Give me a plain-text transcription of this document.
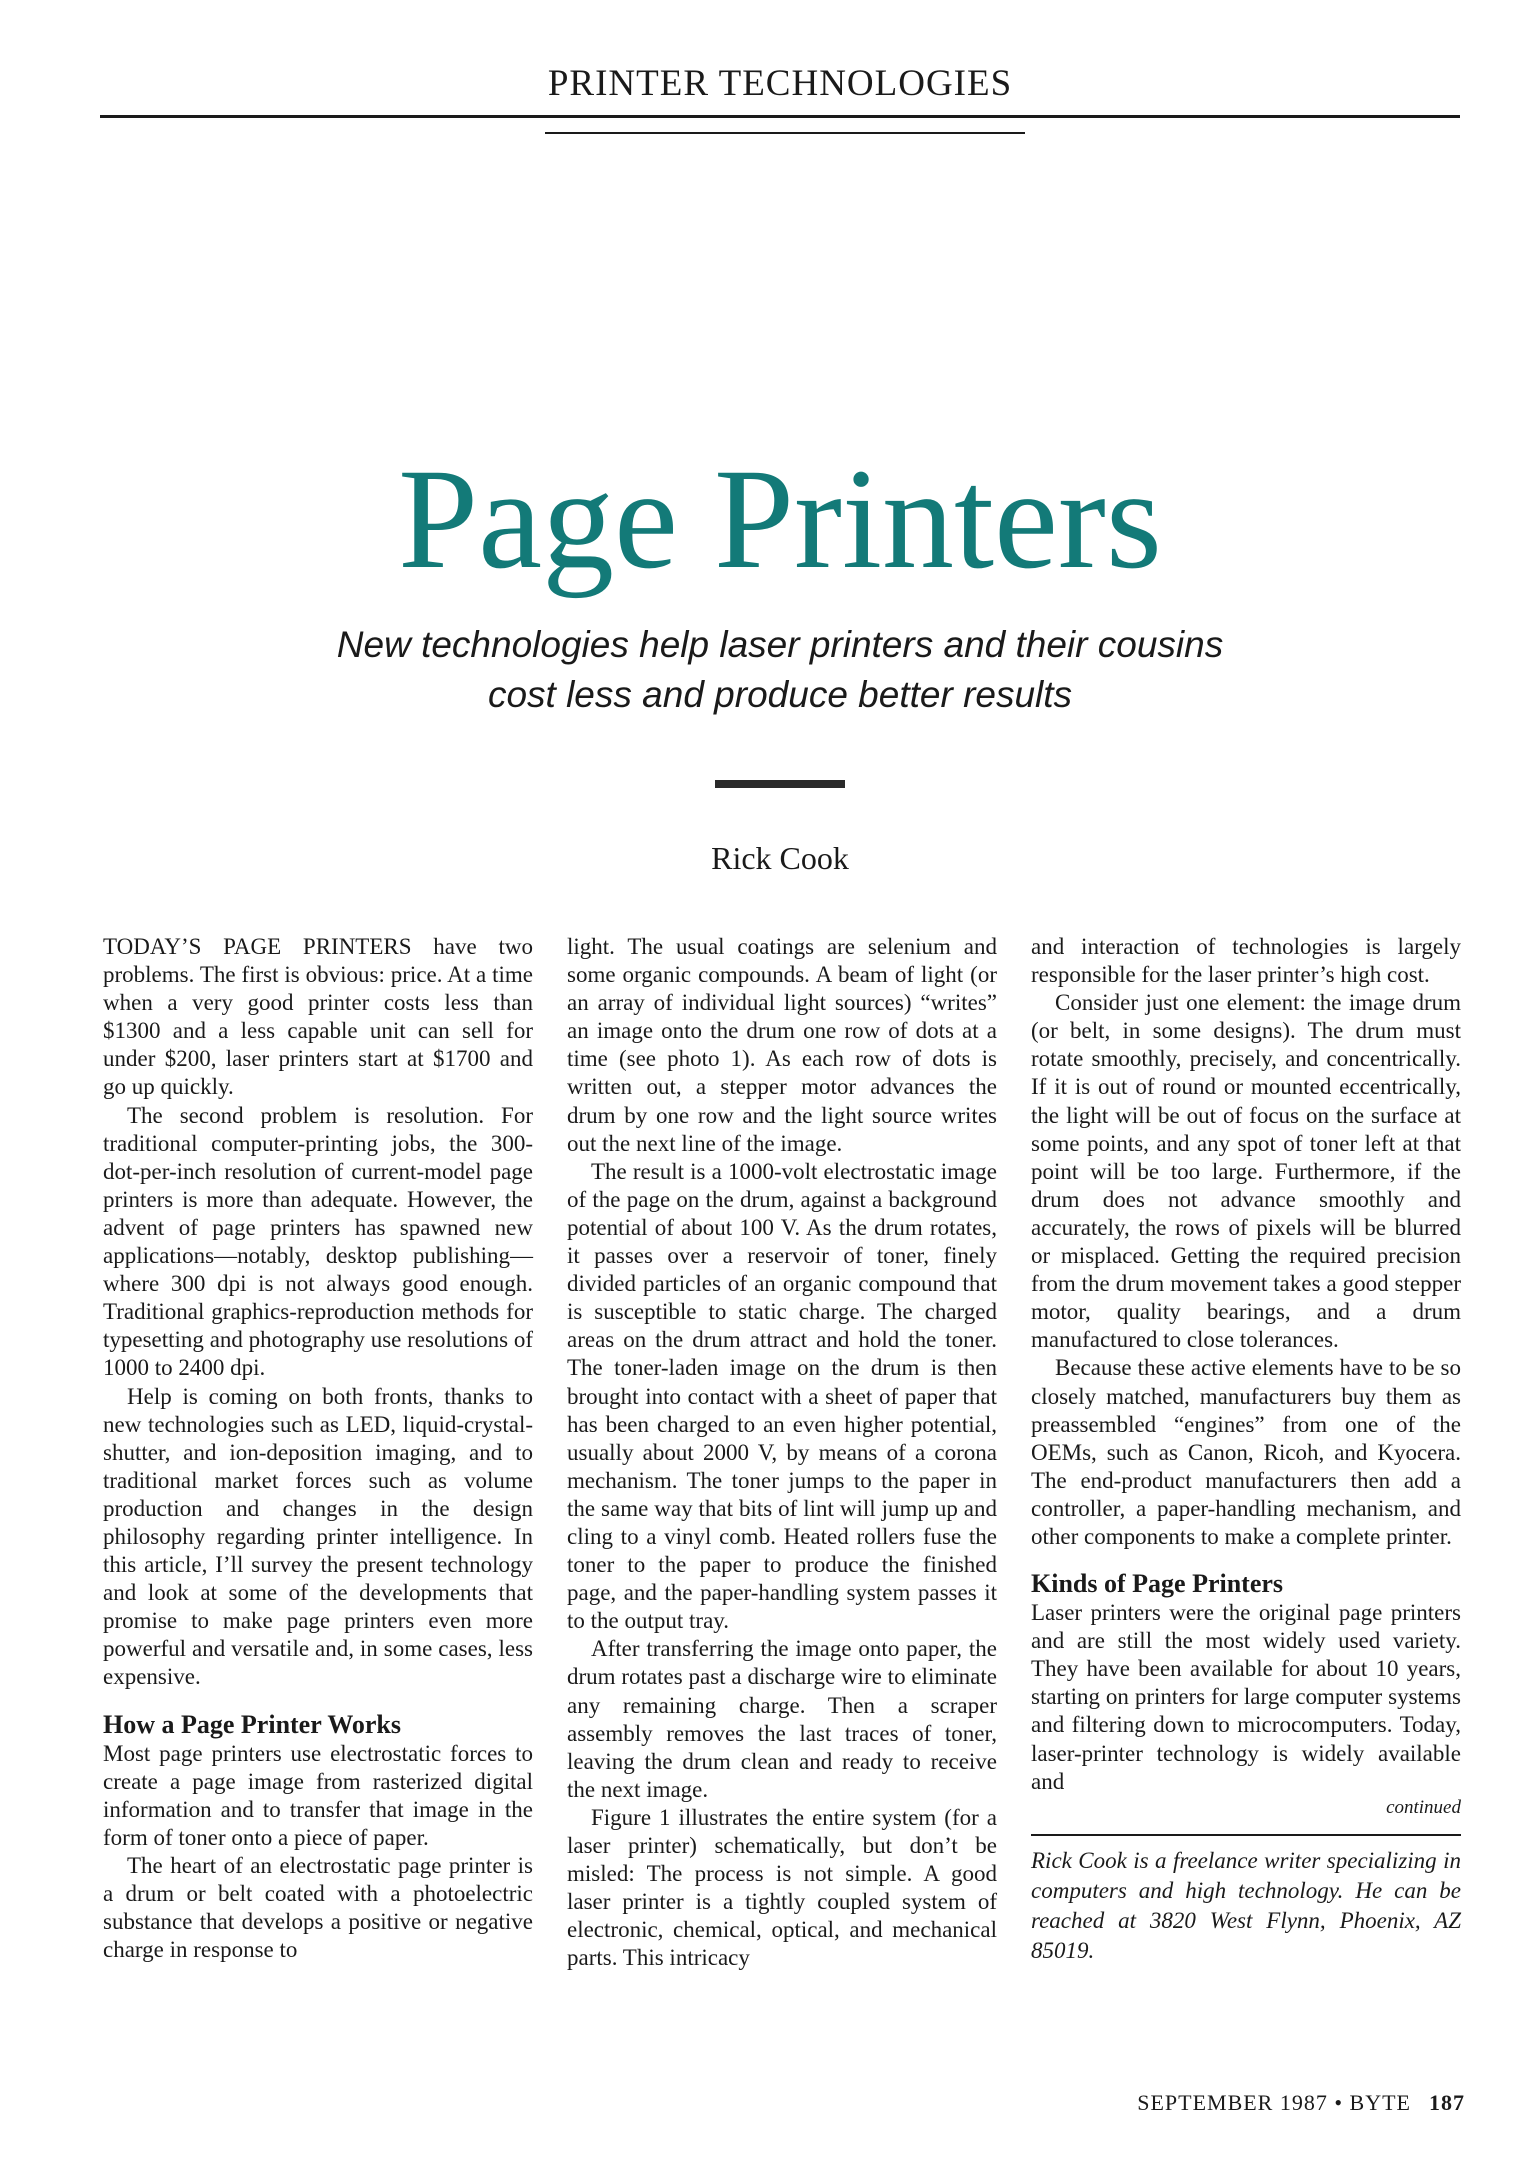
PRINTER TECHNOLOGIES
Page Printers
New technologies help laser printers and their cousins
cost less and produce better results
Rick Cook

TODAY’S PAGE PRINTERS have two problems. The first is obvious: price. At a time when a very good printer costs less than $1300 and a less capable unit can sell for under $200, laser printers start at $1700 and go up quickly.

The second problem is resolution. For traditional computer-printing jobs, the 300-dot-per-inch resolution of current-model page printers is more than adequate. However, the advent of page printers has spawned new applications—notably, desktop publishing—where 300 dpi is not always good enough. Traditional graphics-reproduction methods for typesetting and photography use resolutions of 1000 to 2400 dpi.

Help is coming on both fronts, thanks to new technologies such as LED, liquid-crystal-shutter, and ion-deposition imaging, and to traditional market forces such as volume production and changes in the design philosophy regarding printer intelligence. In this article, I’ll survey the present technology and look at some of the developments that promise to make page printers even more powerful and versatile and, in some cases, less expensive.

How a Page Printer Works

Most page printers use electrostatic forces to create a page image from rasterized digital information and to transfer that image in the form of toner onto a piece of paper.

The heart of an electrostatic page printer is a drum or belt coated with a photoelectric substance that develops a positive or negative charge in response to

light. The usual coatings are selenium and some organic compounds. A beam of light (or an array of individual light sources) “writes” an image onto the drum one row of dots at a time (see photo 1). As each row of dots is written out, a stepper motor advances the drum by one row and the light source writes out the next line of the image.

The result is a 1000-volt electrostatic image of the page on the drum, against a background potential of about 100 V. As the drum rotates, it passes over a reservoir of toner, finely divided particles of an organic compound that is susceptible to static charge. The charged areas on the drum attract and hold the toner. The toner-laden image on the drum is then brought into contact with a sheet of paper that has been charged to an even higher potential, usually about 2000 V, by means of a corona mechanism. The toner jumps to the paper in the same way that bits of lint will jump up and cling to a vinyl comb. Heated rollers fuse the toner to the paper to produce the finished page, and the paper-handling system passes it to the output tray.

After transferring the image onto paper, the drum rotates past a discharge wire to eliminate any remaining charge. Then a scraper assembly removes the last traces of toner, leaving the drum clean and ready to receive the next image.

Figure 1 illustrates the entire system (for a laser printer) schematically, but don’t be misled: The process is not simple. A good laser printer is a tightly coupled system of electronic, chemical, optical, and mechanical parts. This intricacy

and interaction of technologies is largely responsible for the laser printer’s high cost.

Consider just one element: the image drum (or belt, in some designs). The drum must rotate smoothly, precisely, and concentrically. If it is out of round or mounted eccentrically, the light will be out of focus on the surface at some points, and any spot of toner left at that point will be too large. Furthermore, if the drum does not advance smoothly and accurately, the rows of pixels will be blurred or misplaced. Getting the required precision from the drum movement takes a good stepper motor, quality bearings, and a drum manufactured to close tolerances.

Because these active elements have to be so closely matched, manufacturers buy them as preassembled “engines” from one of the OEMs, such as Canon, Ricoh, and Kyocera. The end-product manufacturers then add a controller, a paper-handling mechanism, and other components to make a complete printer.

Kinds of Page Printers

Laser printers were the original page printers and are still the most widely used variety. They have been available for about 10 years, starting on printers for large computer systems and filtering down to microcomputers. Today, laser-printer technology is widely available and

continued
Rick Cook is a freelance writer specializing in computers and high technology. He can be reached at 3820 West Flynn, Phoenix, AZ 85019.
SEPTEMBER 1987 • BYTE 187
